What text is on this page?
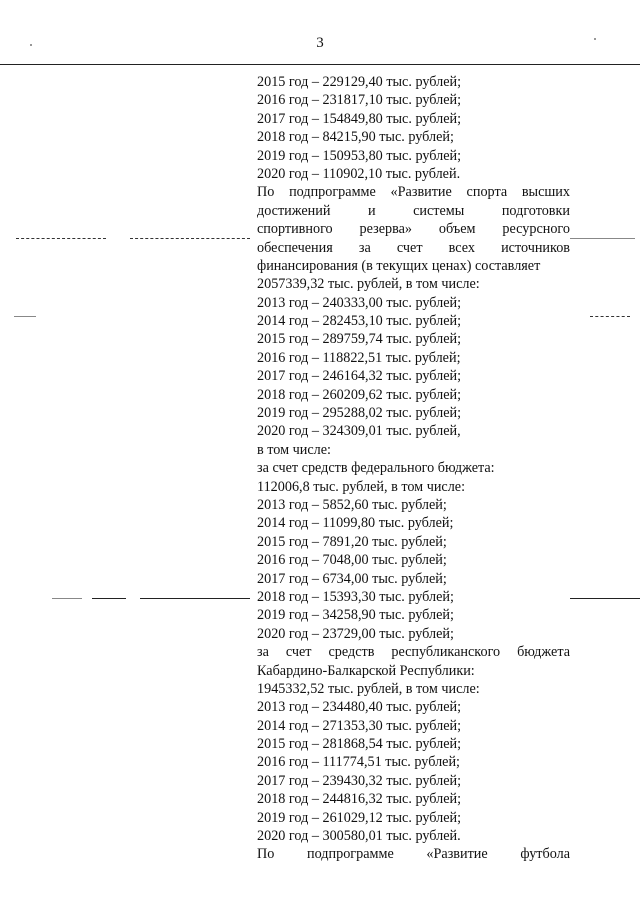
3
2015 год – 229129,40 тыс. рублей;
2016 год – 231817,10 тыс. рублей;
2017 год – 154849,80 тыс. рублей;
2018 год – 84215,90 тыс. рублей;
2019 год – 150953,80 тыс. рублей;
2020 год – 110902,10 тыс. рублей.
По подпрограмме «Развитие спорта высших
достижений и системы подготовки
спортивного резерва» объем ресурсного
обеспечения за счет всех источников
финансирования (в текущих ценах) составляет
2057339,32 тыс. рублей, в том числе:
2013 год – 240333,00 тыс. рублей;
2014 год – 282453,10 тыс. рублей;
2015 год – 289759,74 тыс. рублей;
2016 год – 118822,51 тыс. рублей;
2017 год – 246164,32 тыс. рублей;
2018 год – 260209,62 тыс. рублей;
2019 год – 295288,02 тыс. рублей;
2020 год – 324309,01 тыс. рублей,
в том числе:
за счет средств федерального бюджета:
112006,8 тыс. рублей, в том числе:
2013 год – 5852,60 тыс. рублей;
2014 год – 11099,80 тыс. рублей;
2015 год – 7891,20 тыс. рублей;
2016 год – 7048,00 тыс. рублей;
2017 год – 6734,00 тыс. рублей;
2018 год – 15393,30 тыс. рублей;
2019 год – 34258,90 тыс. рублей;
2020 год – 23729,00 тыс. рублей;
за счет средств республиканского бюджета
Кабардино-Балкарской Республики:
1945332,52 тыс. рублей, в том числе:
2013 год – 234480,40 тыс. рублей;
2014 год – 271353,30 тыс. рублей;
2015 год – 281868,54 тыс. рублей;
2016 год – 111774,51 тыс. рублей;
2017 год – 239430,32 тыс. рублей;
2018 год – 244816,32 тыс. рублей;
2019 год – 261029,12 тыс. рублей;
2020 год – 300580,01 тыс. рублей.
По подпрограмме «Развитие футбола
